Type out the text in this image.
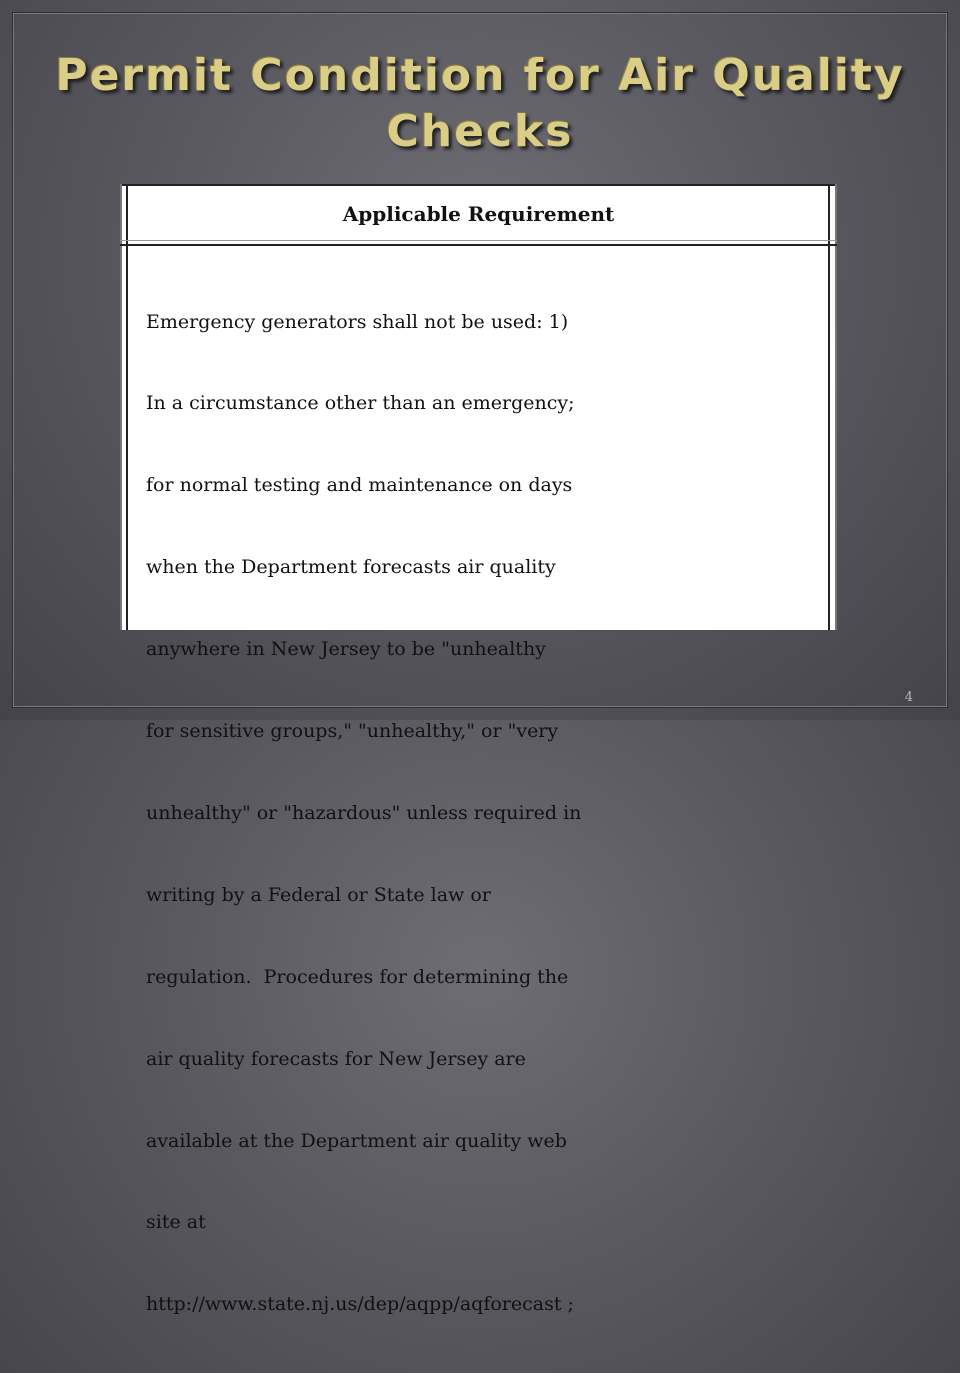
Permit Condition for Air Quality Checks
Applicable Requirement

Emergency generators shall not be used: 1)

In a circumstance other than an emergency;

for normal testing and maintenance on days

when the Department forecasts air quality

anywhere in New Jersey to be "unhealthy

for sensitive groups," "unhealthy," or "very

unhealthy" or "hazardous" unless required in

writing by a Federal or State law or

regulation.  Procedures for determining the

air quality forecasts for New Jersey are

available at the Department air quality web

site at

http://www.state.nj.us/dep/aqpp/aqforecast ;

4
